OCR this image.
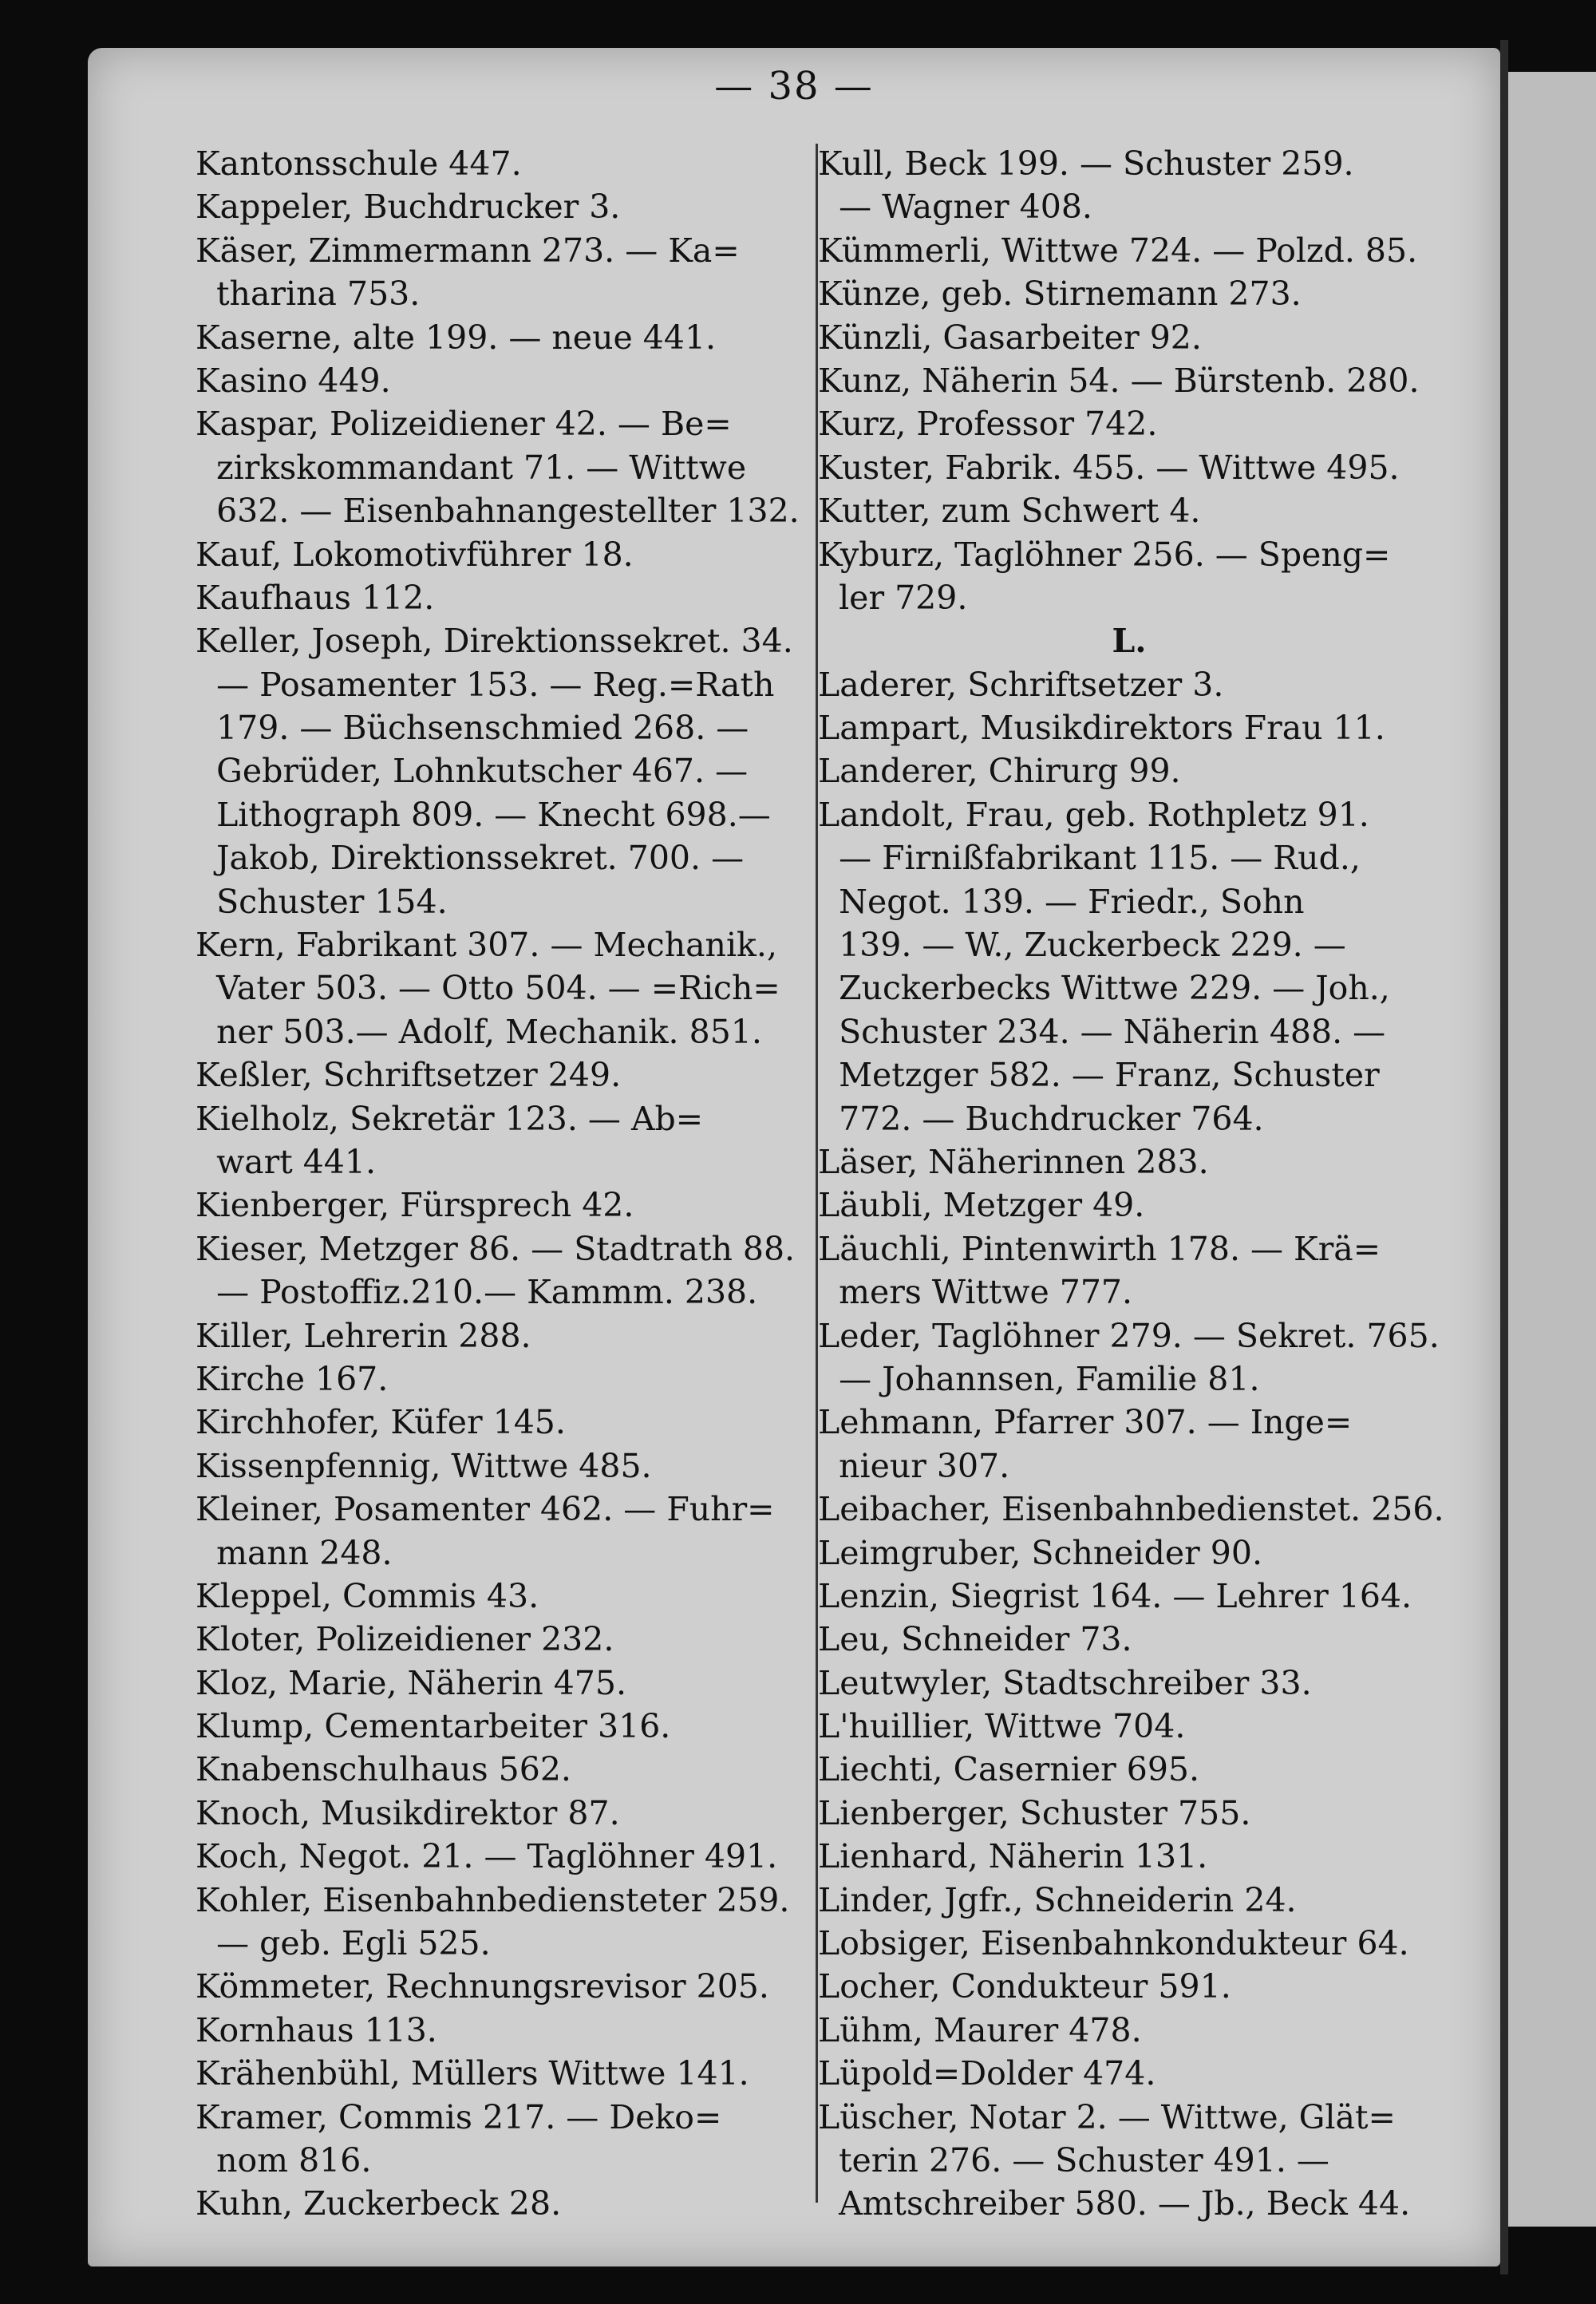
— 38 —
Kantonsschule 447.
Kappeler, Buchdrucker 3.
Käser, Zimmermann 273. — Ka=
tharina 753.
Kaserne, alte 199. — neue 441.
Kasino 449.
Kaspar, Polizeidiener 42. — Be=
zirkskommandant 71. — Wittwe
632. — Eisenbahnangestellter 132.
Kauf, Lokomotivführer 18.
Kaufhaus 112.
Keller, Joseph, Direktionssekret. 34.
— Posamenter 153. — Reg.=Rath
179. — Büchsenschmied 268. —
Gebrüder, Lohnkutscher 467. —
Lithograph 809. — Knecht 698.—
Jakob, Direktionssekret. 700. —
Schuster 154.
Kern, Fabrikant 307. — Mechanik.,
Vater 503. — Otto 504. — =Rich=
ner 503.— Adolf, Mechanik. 851.
Keßler, Schriftsetzer 249.
Kielholz, Sekretär 123. — Ab=
wart 441.
Kienberger, Fürsprech 42.
Kieser, Metzger 86. — Stadtrath 88.
— Postoffiz.210.— Kammm. 238.
Killer, Lehrerin 288.
Kirche 167.
Kirchhofer, Küfer 145.
Kissenpfennig, Wittwe 485.
Kleiner, Posamenter 462. — Fuhr=
mann 248.
Kleppel, Commis 43.
Kloter, Polizeidiener 232.
Kloz, Marie, Näherin 475.
Klump, Cementarbeiter 316.
Knabenschulhaus 562.
Knoch, Musikdirektor 87.
Koch, Negot. 21. — Taglöhner 491.
Kohler, Eisenbahnbediensteter 259.
— geb. Egli 525.
Kömmeter, Rechnungsrevisor 205.
Kornhaus 113.
Krähenbühl, Müllers Wittwe 141.
Kramer, Commis 217. — Deko=
nom 816.
Kuhn, Zuckerbeck 28.
Kull, Beck 199. — Schuster 259.
— Wagner 408.
Kümmerli, Wittwe 724. — Polzd. 85.
Künze, geb. Stirnemann 273.
Künzli, Gasarbeiter 92.
Kunz, Näherin 54. — Bürstenb. 280.
Kurz, Professor 742.
Kuster, Fabrik. 455. — Wittwe 495.
Kutter, zum Schwert 4.
Kyburz, Taglöhner 256. — Speng=
ler 729.
L.
Laderer, Schriftsetzer 3.
Lampart, Musikdirektors Frau 11.
Landerer, Chirurg 99.
Landolt, Frau, geb. Rothpletz 91.
— Firnißfabrikant 115. — Rud.,
Negot. 139. — Friedr., Sohn
139. — W., Zuckerbeck 229. —
Zuckerbecks Wittwe 229. — Joh.,
Schuster 234. — Näherin 488. —
Metzger 582. — Franz, Schuster
772. — Buchdrucker 764.
Läser, Näherinnen 283.
Läubli, Metzger 49.
Läuchli, Pintenwirth 178. — Krä=
mers Wittwe 777.
Leder, Taglöhner 279. — Sekret. 765.
— Johannsen, Familie 81.
Lehmann, Pfarrer 307. — Inge=
nieur 307.
Leibacher, Eisenbahnbedienstet. 256.
Leimgruber, Schneider 90.
Lenzin, Siegrist 164. — Lehrer 164.
Leu, Schneider 73.
Leutwyler, Stadtschreiber 33.
L'huillier, Wittwe 704.
Liechti, Casernier 695.
Lienberger, Schuster 755.
Lienhard, Näherin 131.
Linder, Jgfr., Schneiderin 24.
Lobsiger, Eisenbahnkondukteur 64.
Locher, Condukteur 591.
Lühm, Maurer 478.
Lüpold=Dolder 474.
Lüscher, Notar 2. — Wittwe, Glät=
terin 276. — Schuster 491. —
Amtschreiber 580. — Jb., Beck 44.
